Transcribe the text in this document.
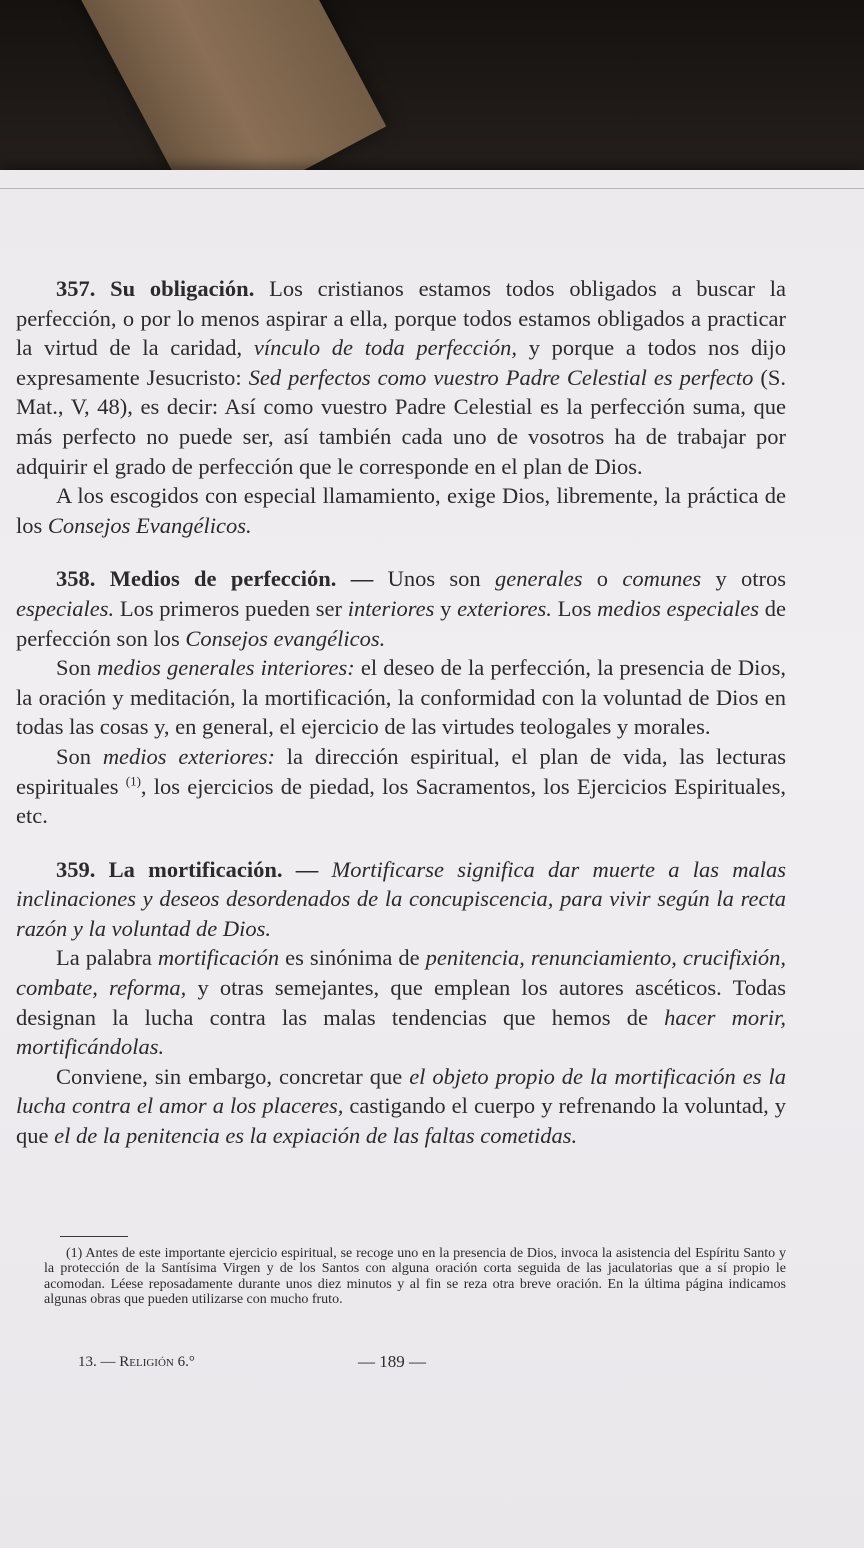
357. Su obligación. Los cristianos estamos todos obligados a buscar la perfección, o por lo menos aspirar a ella, porque todos estamos obligados a practicar la virtud de la caridad, vínculo de toda perfección, y porque a todos nos dijo expresamente Jesucristo: Sed perfectos como vuestro Padre Celestial es perfecto (S. Mat., V, 48), es decir: Así como vuestro Padre Celestial es la perfección suma, que más perfecto no puede ser, así también cada uno de vosotros ha de trabajar por adquirir el grado de perfección que le corresponde en el plan de Dios.

A los escogidos con especial llamamiento, exige Dios, libremente, la práctica de los Consejos Evangélicos.

358. Medios de perfección. — Unos son generales o comunes y otros especiales. Los primeros pueden ser interiores y exteriores. Los medios especiales de perfección son los Consejos evangélicos.

Son medios generales interiores: el deseo de la perfección, la presencia de Dios, la oración y meditación, la mortificación, la conformidad con la voluntad de Dios en todas las cosas y, en general, el ejercicio de las virtudes teologales y morales.

Son medios exteriores: la dirección espiritual, el plan de vida, las lecturas espirituales $^{(1)}$, los ejercicios de piedad, los Sacramentos, los Ejercicios Espirituales, etc.

359. La mortificación. — Mortificarse significa dar muerte a las malas inclinaciones y deseos desordenados de la concupiscencia, para vivir según la recta razón y la voluntad de Dios.

La palabra mortificación es sinónima de penitencia, renunciamiento, crucifixión, combate, reforma, y otras semejantes, que emplean los autores ascéticos. Todas designan la lucha contra las malas tendencias que hemos de hacer morir, mortificándolas.

Conviene, sin embargo, concretar que el objeto propio de la mortificación es la lucha contra el amor a los placeres, castigando el cuerpo y refrenando la voluntad, y que el de la penitencia es la expiación de las faltas cometidas.

(1) Antes de este importante ejercicio espiritual, se recoge uno en la presencia de Dios, invoca la asistencia del Espíritu Santo y la protección de la Santísima Virgen y de los Santos con alguna oración corta seguida de las jaculatorias que a sí propio le acomodan. Léese reposadamente durante unos diez minutos y al fin se reza otra breve oración. En la última página indicamos algunas obras que pueden utilizarse con mucho fruto.

13. — Religión 6.°	— 189 —
